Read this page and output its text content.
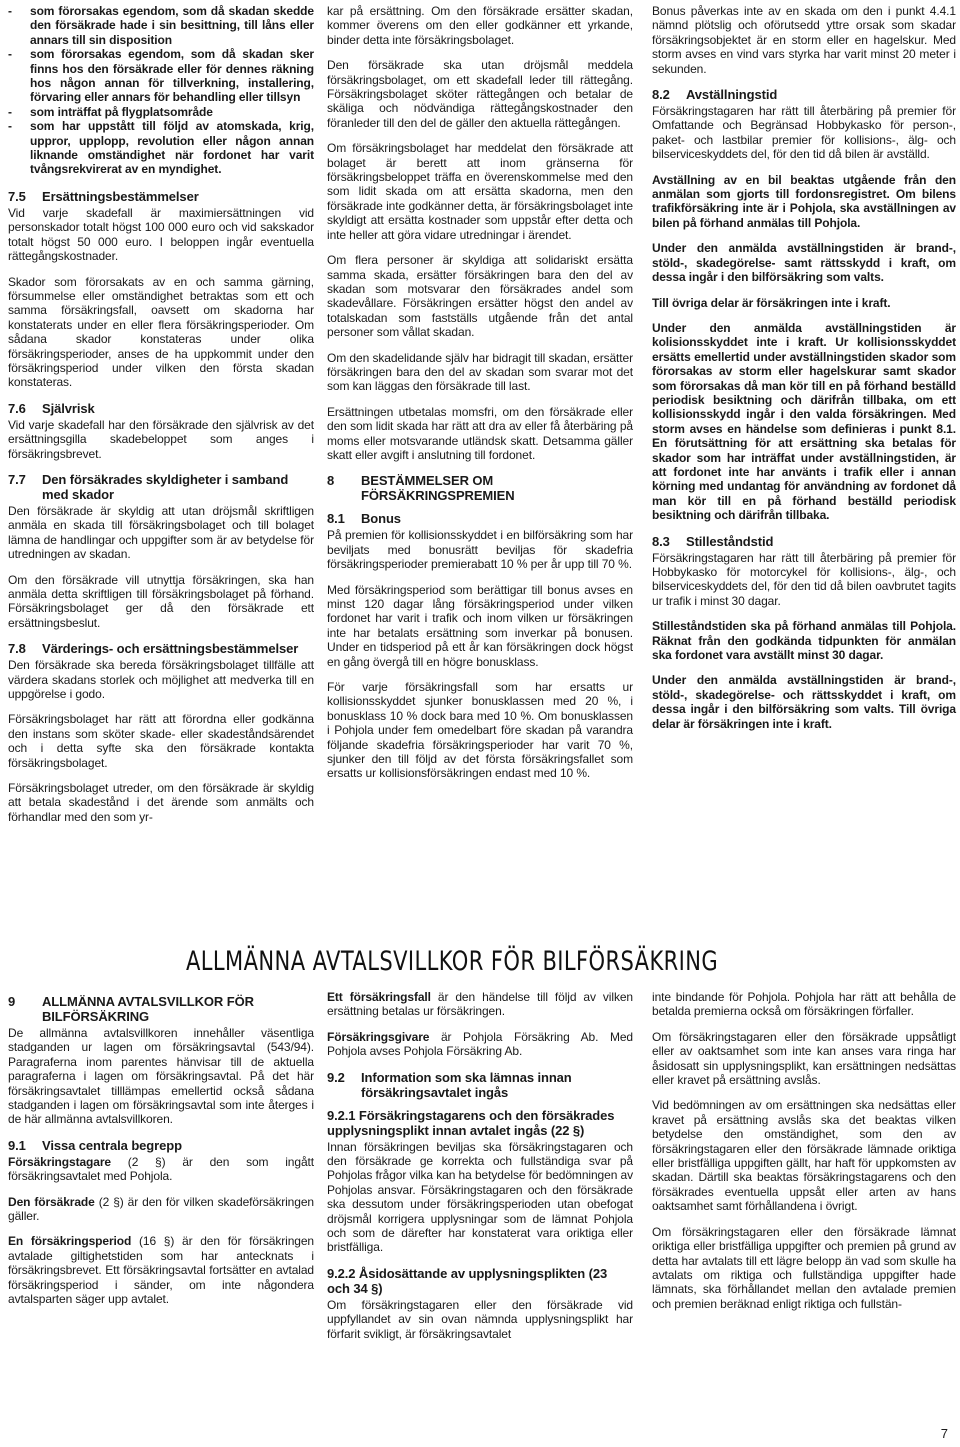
-	som förorsakas egendom, som då skadan skedde den försäkrade hade i sin besittning, till låns eller annars till sin disposition
-	som förorsakas egendom, som då skadan sker finns hos den försäkrade eller för dennes räkning hos någon annan för tillverkning, installering, förvaring eller annars för behandling eller tillsyn
-	som inträffat på flygplatsområde
-	som har uppstått till följd av atomskada, krig, uppror, upplopp, revolution eller någon annan liknande omständighet när fordonet har varit tvångsrekvirerat av en myndighet.
7.5	Ersättningsbestämmelser

Vid varje skadefall är maximiersättningen vid personskador totalt högst 100 000 euro och vid sakskador totalt högst 50 000 euro. I beloppen ingår eventuella rättegångskostnader.

Skador som förorsakats av en och samma gärning, försummelse eller omständighet betraktas som ett och samma försäkringsfall, oavsett om skadorna har konstaterats under en eller flera försäkringsperioder. Om sådana skador konstateras under olika försäkringsperioder, anses de ha uppkommit under den försäkringsperiod under vilken den första skadan konstateras.

7.6	Självrisk

Vid varje skadefall har den försäkrade den självrisk av det ersättningsgilla skadebeloppet som anges i försäkringsbrevet.

7.7	Den försäkrades skyldigheter i samband med skador

Den försäkrade är skyldig att utan dröjsmål skriftligen anmäla en skada till försäkringsbolaget och till bolaget lämna de handlingar och uppgifter som är av betydelse för utredningen av skadan.

Om den försäkrade vill utnyttja försäkringen, ska han anmäla detta skriftligen till försäkringsbolaget på förhand. Försäkringsbolaget ger då den försäkrade ett ersättningsbeslut.

7.8	Värderings- och ersättningsbestämmelser

Den försäkrade ska bereda försäkringsbolaget tillfälle att värdera skadans storlek och möjlighet att medverka till en uppgörelse i godo.

Försäkringsbolaget har rätt att förordna eller godkänna den instans som sköter skade- eller skadeståndsärendet och i detta syfte ska den försäkrade kontakta försäkringsbolaget.

Försäkringsbolaget utreder, om den försäkrade är skyldig att betala skadestånd i det ärende som anmälts och förhandlar med den som yr-

kar på ersättning. Om den försäkrade ersätter skadan, kommer överens om den eller godkänner ett yrkande, binder detta inte försäkringsbolaget.

Den försäkrade ska utan dröjsmål meddela försäkringsbolaget, om ett skadefall leder till rättegång. Försäkringsbolaget sköter rättegången och betalar de skäliga och nödvändiga rättegångskostnader den föranleder till den del de gäller den aktuella rättegången.

Om försäkringsbolaget har meddelat den försäkrade att bolaget är berett att inom gränserna för försäkringsbeloppet träffa en överenskommelse med den som lidit skada om att ersätta skadorna, men den försäkrade inte godkänner detta, är försäkringsbolaget inte skyldigt att ersätta kostnader som uppstår efter detta och inte heller att göra vidare utredningar i ärendet.

Om flera personer är skyldiga att solidariskt ersätta samma skada, ersätter försäkringen bara den del av skadan som motsvarar den försäkrades andel som skadevållare. Försäkringen ersätter högst den andel av totalskadan som fastställs utgående från det antal personer som vållat skadan.

Om den skadelidande själv har bidragit till skadan, ersätter försäkringen bara den del av skadan som svarar mot det som kan läggas den försäkrade till last.

Ersättningen utbetalas momsfri, om den försäkrade eller den som lidit skada har rätt att dra av eller få återbäring på moms eller motsvarande utländsk skatt. Detsamma gäller skatt eller avgift i anslutning till fordonet.

8	BESTÄMMELSER OM FÖRSÄKRINGSPREMIEN
8.1	Bonus

På premien för kollisionsskyddet i en bilförsäkring som har beviljats med bonusrätt beviljas för skadefria försäkringsperioder premierabatt 10 % per år upp till 70 %.

Med försäkringsperiod som berättigar till bonus avses en minst 120 dagar lång försäkringsperiod under vilken fordonet har varit i trafik och inom vilken ur försäkringen inte har betalats ersättning som inverkar på bonusen. Under en tidsperiod på ett år kan försäkringen dock högst en gång övergå till en högre bonusklass.

För varje försäkringsfall som har ersatts ur kollisionsskyddet sjunker bonusklassen med 20 %, i bonusklass 10 % dock bara med 10 %. Om bonusklassen i Pohjola under fem omedelbart före skadan på varandra följande skadefria försäkringsperioder har varit 70 %, sjunker den till följd av det första försäkringsfallet som ersatts ur kollisionsförsäkringen endast med 10 %.

Bonus påverkas inte av en skada om den i punkt 4.4.1 nämnd plötslig och oförutsedd yttre orsak som skadar försäkringsobjektet är en storm eller en hagelskur. Med storm avses en vind vars styrka har varit minst 20 meter i sekunden.

8.2	Avställningstid

Försäkringstagaren har rätt till återbäring på premier för Omfattande och Begränsad Hobbykasko för person-, paket- och lastbilar premier för kollisions-, älg- och bilserviceskyddets del, för den tid då bilen är avställd.

Avställning av en bil beaktas utgående från den anmälan som gjorts till fordonsregistret. Om bilens trafikförsäkring inte är i Pohjola, ska avställningen av bilen på förhand anmälas till Pohjola.

Under den anmälda avställningstiden är brand-, stöld-, skadegörelse- samt rättsskydd i kraft, om dessa ingår i den bilförsäkring som valts.

Till övriga delar är försäkringen inte i kraft.

Under den anmälda avställningstiden är kolisionsskyddet inte i kraft. Ur kollisionsskyddet ersätts emellertid under avställningstiden skador som förorsakas av storm eller hagelskurar samt skador som förorsakas då man kör till en på förhand beställd periodisk besiktning och därifrån tillbaka, om ett kollisionsskydd ingår i den valda försäkringen. Med storm avses en händelse som definieras i punkt 8.1. En förutsättning för att ersättning ska betalas för skador som har inträffat under avställningstiden, är att fordonet inte har använts i trafik eller i annan körning med undantag för användning av fordonet då man kör till en på förhand beställd periodisk besiktning och därifrån tillbaka.

8.3	Stilleståndstid

Försäkringstagaren har rätt till återbäring på premier för Hobbykasko för motorcykel för kollisions-, älg-, och bilserviceskyddets del, för den tid då bilen oavbrutet tagits ur trafik i minst 30 dagar.

Stilleståndstiden ska på förhand anmälas till Pohjola. Räknat från den godkända tidpunkten för anmälan ska fordonet vara avställt minst 30 dagar.

Under den anmälda avställningstiden är brand-, stöld-, skadegörelse- och rättsskyddet i kraft, om dessa ingår i den bilförsäkring som valts. Till övriga delar är försäkringen inte i kraft.

ALLMÄNNA AVTALSVILLKOR FÖR BILFÖRSÄKRING
9	ALLMÄNNA AVTALSVILLKOR FÖR BILFÖRSÄKRING

De allmänna avtalsvillkoren innehåller väsentliga stadganden ur lagen om försäkringsavtal (543/94). Paragraferna inom parentes hänvisar till de aktuella paragraferna i lagen om försäkringsavtal. På det här försäkringsavtalet tilllämpas emellertid också sådana stadganden i lagen om försäkringsavtal som inte återges i de här allmänna avtalsvillkoren.

9.1	Vissa centrala begrepp

Försäkringstagare (2 §) är den som ingått försäkringsavtalet med Pohjola.

Den försäkrade (2 §) är den för vilken skadeförsäkringen gäller.

En försäkringsperiod (16 §) är den för försäkringen avtalade giltighetstiden som har antecknats i försäkringsbrevet. Ett försäkringsavtal fortsätter en avtalad försäkringsperiod i sänder, om inte någondera avtalsparten säger upp avtalet.

Ett försäkringsfall är den händelse till följd av vilken ersättning betalas ur försäkringen.

Försäkringsgivare är Pohjola Försäkring Ab. Med Pohjola avses Pohjola Försäkring Ab.

9.2	Information som ska lämnas innan försäkringsavtalet ingås
9.2.1 Försäkringstagarens och den försäkrades upplysningsplikt innan avtalet ingås (22 §)

Innan försäkringen beviljas ska försäkringstagaren och den försäkrade ge korrekta och fullständiga svar på Pohjolas frågor vilka kan ha betydelse för bedömningen av Pohjolas ansvar. Försäkringstagaren och den försäkrade ska dessutom under försäkringsperioden utan obefogat dröjsmål korrigera upplysningar som de lämnat Pohjola och som de därefter har konstaterat vara oriktiga eller bristfälliga.

9.2.2 Åsidosättande av upplysningsplikten (23 och 34 §)

Om försäkringstagaren eller den försäkrade vid uppfyllandet av sin ovan nämnda upplysningsplikt har förfarit svikligt, är försäkringsavtalet

inte bindande för Pohjola. Pohjola har rätt att behålla de betalda premierna också om försäkringen förfaller.

Om försäkringstagaren eller den försäkrade uppsåtligt eller av oaktsamhet som inte kan anses vara ringa har åsidosatt sin upplysningsplikt, kan ersättningen nedsättas eller kravet på ersättning avslås.

Vid bedömningen av om ersättningen ska nedsättas eller kravet på ersättning avslås ska det beaktas vilken betydelse den omständighet, som den av försäkringstagaren eller den försäkrade lämnade oriktiga eller bristfälliga uppgiften gällt, har haft för uppkomsten av skadan. Därtill ska beaktas försäkringstagarens och den försäkrades eventuella uppsåt eller arten av hans oaktsamhet samt förhållandena i övrigt.

Om försäkringstagaren eller den försäkrade lämnat oriktiga eller bristfälliga uppgifter och premien på grund av detta har avtalats till ett lägre belopp än vad som skulle ha avtalats om riktiga och fullständiga uppgifter hade lämnats, ska förhållandet mellan den avtalade premien och premien beräknad enligt riktiga och fullstän-

7
